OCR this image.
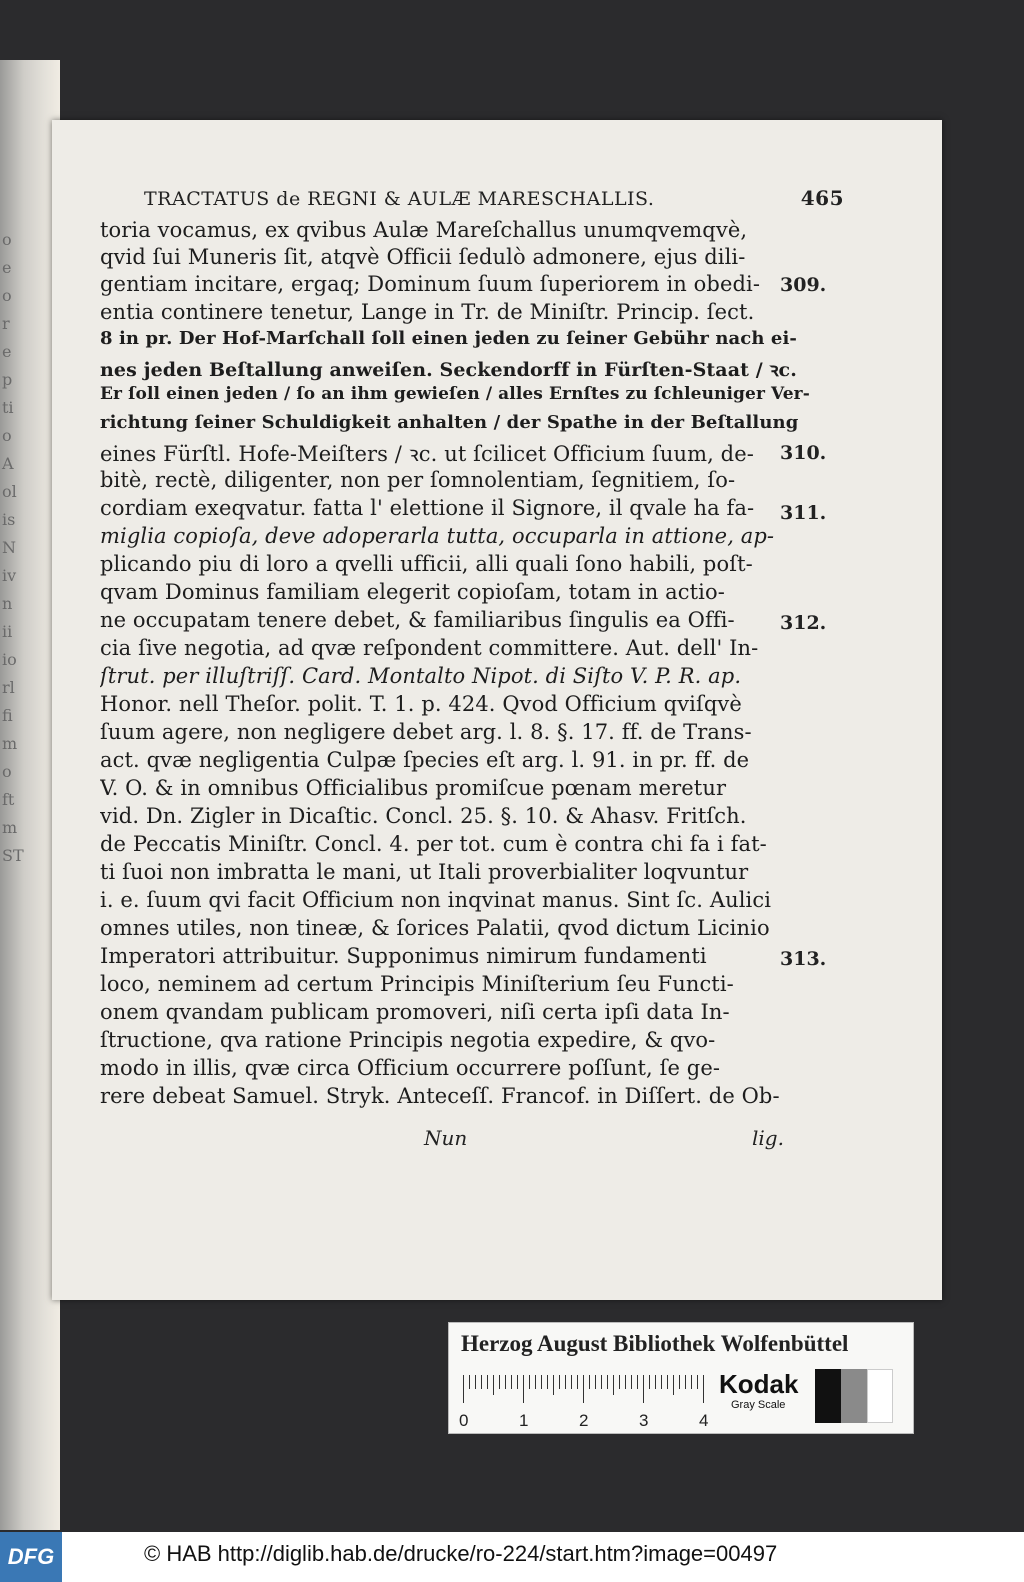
o
e
o
r
e
p
ti
o
A
ol
is
N
iv
n
ii
io
rl
fi
m
o
ft
m
ST
TRACTATUS de REGNI & AULÆ MARESCHALLIS.	465
toria vocamus, ex qvibus Aulæ Mareſchallus unumqvemqvè,
qvid ſui Muneris ſit, atqvè Officii ſedulò admonere, ejus dili-
gentiam incitare, ergaq; Dominum ſuum ſuperiorem in obedi-
entia continere tenetur, Lange in Tr. de Miniſtr. Princip. ſect.
8 in pr. Der Hof-Marſchall ſoll einen jeden zu ſeiner Gebühr nach ei-
nes jeden Beſtallung anweiſen. Seckendorff in Fürſten-Staat / ꝛc.
Er ſoll einen jeden / ſo an ihm gewieſen / alles Ernſtes zu ſchleuniger Ver-
richtung ſeiner Schuldigkeit anhalten / der Spathe in der Beſtallung
eines Fürſtl. Hofe-Meiſters / ꝛc. ut ſcilicet Officium ſuum, de-
bitè, rectè, diligenter, non per ſomnolentiam, ſegnitiem, ſo-
cordiam exeqvatur. fatta l' elettione il Signore, il qvale ha fa-
miglia copioſa, deve adoperarla tutta, occuparla in attione, ap-
plicando piu di loro a qvelli ufficii, alli quali ſono habili, poſt-
qvam Dominus familiam elegerit copioſam, totam in actio-
ne occupatam tenere debet, & familiaribus ſingulis ea Offi-
cia ſive negotia, ad qvæ reſpondent committere. Aut. dell' In-
ſtrut. per illuſtriſſ. Card. Montalto Nipot. di Siſto V. P. R. ap.
Honor. nell Theſor. polit. T. 1. p. 424. Qvod Officium qviſqvè
ſuum agere, non negligere debet arg. l. 8. §. 17. ff. de Trans-
act. qvæ negligentia Culpæ ſpecies eſt arg. l. 91. in pr. ff. de
V. O. & in omnibus Officialibus promiſcue pœnam meretur
vid. Dn. Zigler in Dicaſtic. Concl. 25. §. 10. & Ahasv. Fritſch.
de Peccatis Miniſtr. Concl. 4. per tot. cum è contra chi fa i fat-
ti ſuoi non imbratta le mani, ut Itali proverbialiter loqvuntur
i. e. ſuum qvi facit Officium non inqvinat manus. Sint ſc. Aulici
omnes utiles, non tineæ, & ſorices Palatii, qvod dictum Licinio
Imperatori attribuitur. Supponimus nimirum fundamenti
loco, neminem ad certum Principis Miniſterium ſeu Functi-
onem qvandam publicam promoveri, niſi certa ipſi data In-
ſtructione, qva ratione Principis negotia expedire, & qvo-
modo in illis, qvæ circa Officium occurrere poſſunt, ſe ge-
rere debeat Samuel. Stryk. Anteceſſ. Francof. in Diſſert. de Ob-
309.
310.
311.
312.
313.
Nun	lig.
Herzog August Bibliothek Wolfenbüttel
0	1	2	3	4
Kodak
Gray Scale
DFG	© HAB http://diglib.hab.de/drucke/ro-224/start.htm?image=00497
